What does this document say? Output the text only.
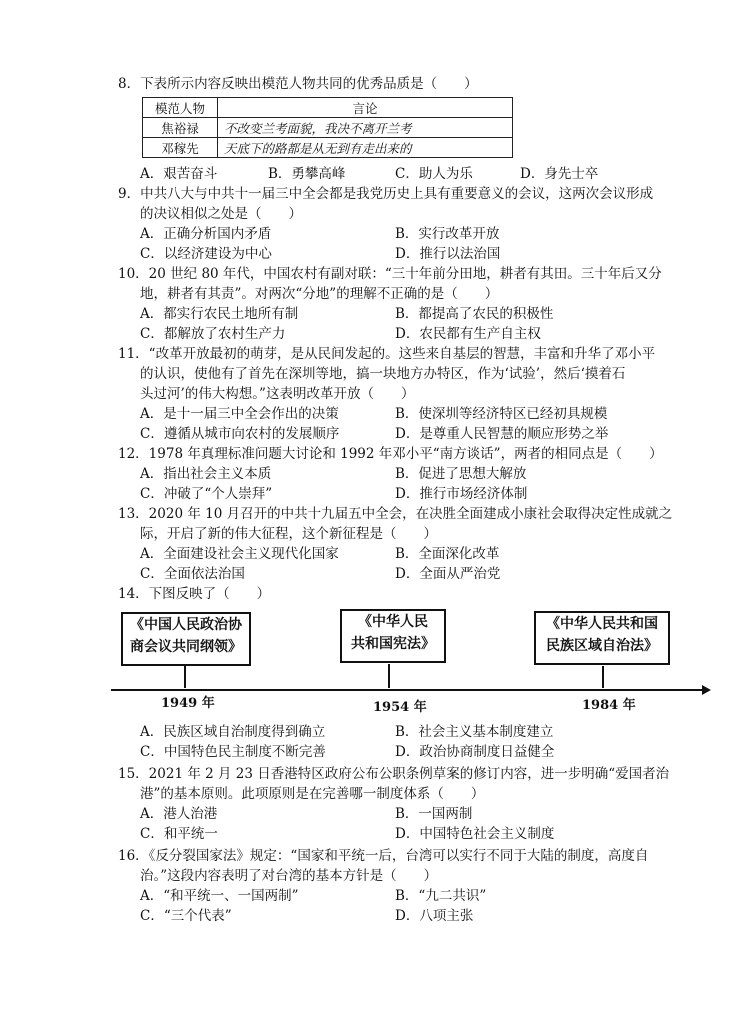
8．下表所示内容反映出模范人物共同的优秀品质是（　　）
模范人物	言论
焦裕禄	不改变兰考面貌，我决不离开兰考
邓稼先	天底下的路都是从无到有走出来的
A．艰苦奋斗	B．勇攀高峰	C．助人为乐	D．身先士卒
9．中共八大与中共十一届三中全会都是我党历史上具有重要意义的会议，这两次会议形成
的决议相似之处是（　　）
A．正确分析国内矛盾	B．实行改革开放
C．以经济建设为中心	D．推行以法治国
10．20 世纪 80 年代，中国农村有副对联：“三十年前分田地，耕者有其田。三十年后又分
地，耕者有其责”。对两次“分地”的理解不正确的是（　　）
A．都实行农民土地所有制	B．都提高了农民的积极性
C．都解放了农村生产力	D．农民都有生产自主权
11．“改革开放最初的萌芽，是从民间发起的。这些来自基层的智慧，丰富和升华了邓小平
的认识，使他有了首先在深圳等地，搞一块地方办特区，作为‘试验’，然后‘摸着石
头过河’的伟大构想。”这表明改革开放（　　）
A．是十一届三中全会作出的决策	B．使深圳等经济特区已经初具规模
C．遵循从城市向农村的发展顺序	D．是尊重人民智慧的顺应形势之举
12．1978 年真理标准问题大讨论和 1992 年邓小平“南方谈话”，两者的相同点是（　　）
A．指出社会主义本质	B．促进了思想大解放
C．冲破了“个人崇拜”	D．推行市场经济体制
13．2020 年 10 月召开的中共十九届五中全会，在决胜全面建成小康社会取得决定性成就之
际，开启了新的伟大征程，这个新征程是（　　）
A．全面建设社会主义现代化国家	B．全面深化改革
C．全面依法治国	D．全面从严治党
14．下图反映了（　　）
《中国人民政治协
商会议共同纲领》
《中华人民
共和国宪法》
《中华人民共和国
民族区域自治法》
1949 年	1954 年	1984 年
A．民族区域自治制度得到确立	B．社会主义基本制度建立
C．中国特色民主制度不断完善	D．政治协商制度日益健全
15．2021 年 2 月 23 日香港特区政府公布公职条例草案的修订内容，进一步明确“爱国者治
港”的基本原则。此项原则是在完善哪一制度体系（　　）
A．港人治港	B．一国两制
C．和平统一	D．中国特色社会主义制度
16．《反分裂国家法》规定：“国家和平统一后，台湾可以实行不同于大陆的制度，高度自
治。”这段内容表明了对台湾的基本方针是（　　）
A．“和平统一、一国两制”	B．“九二共识”
C．“三个代表”	D．八项主张
